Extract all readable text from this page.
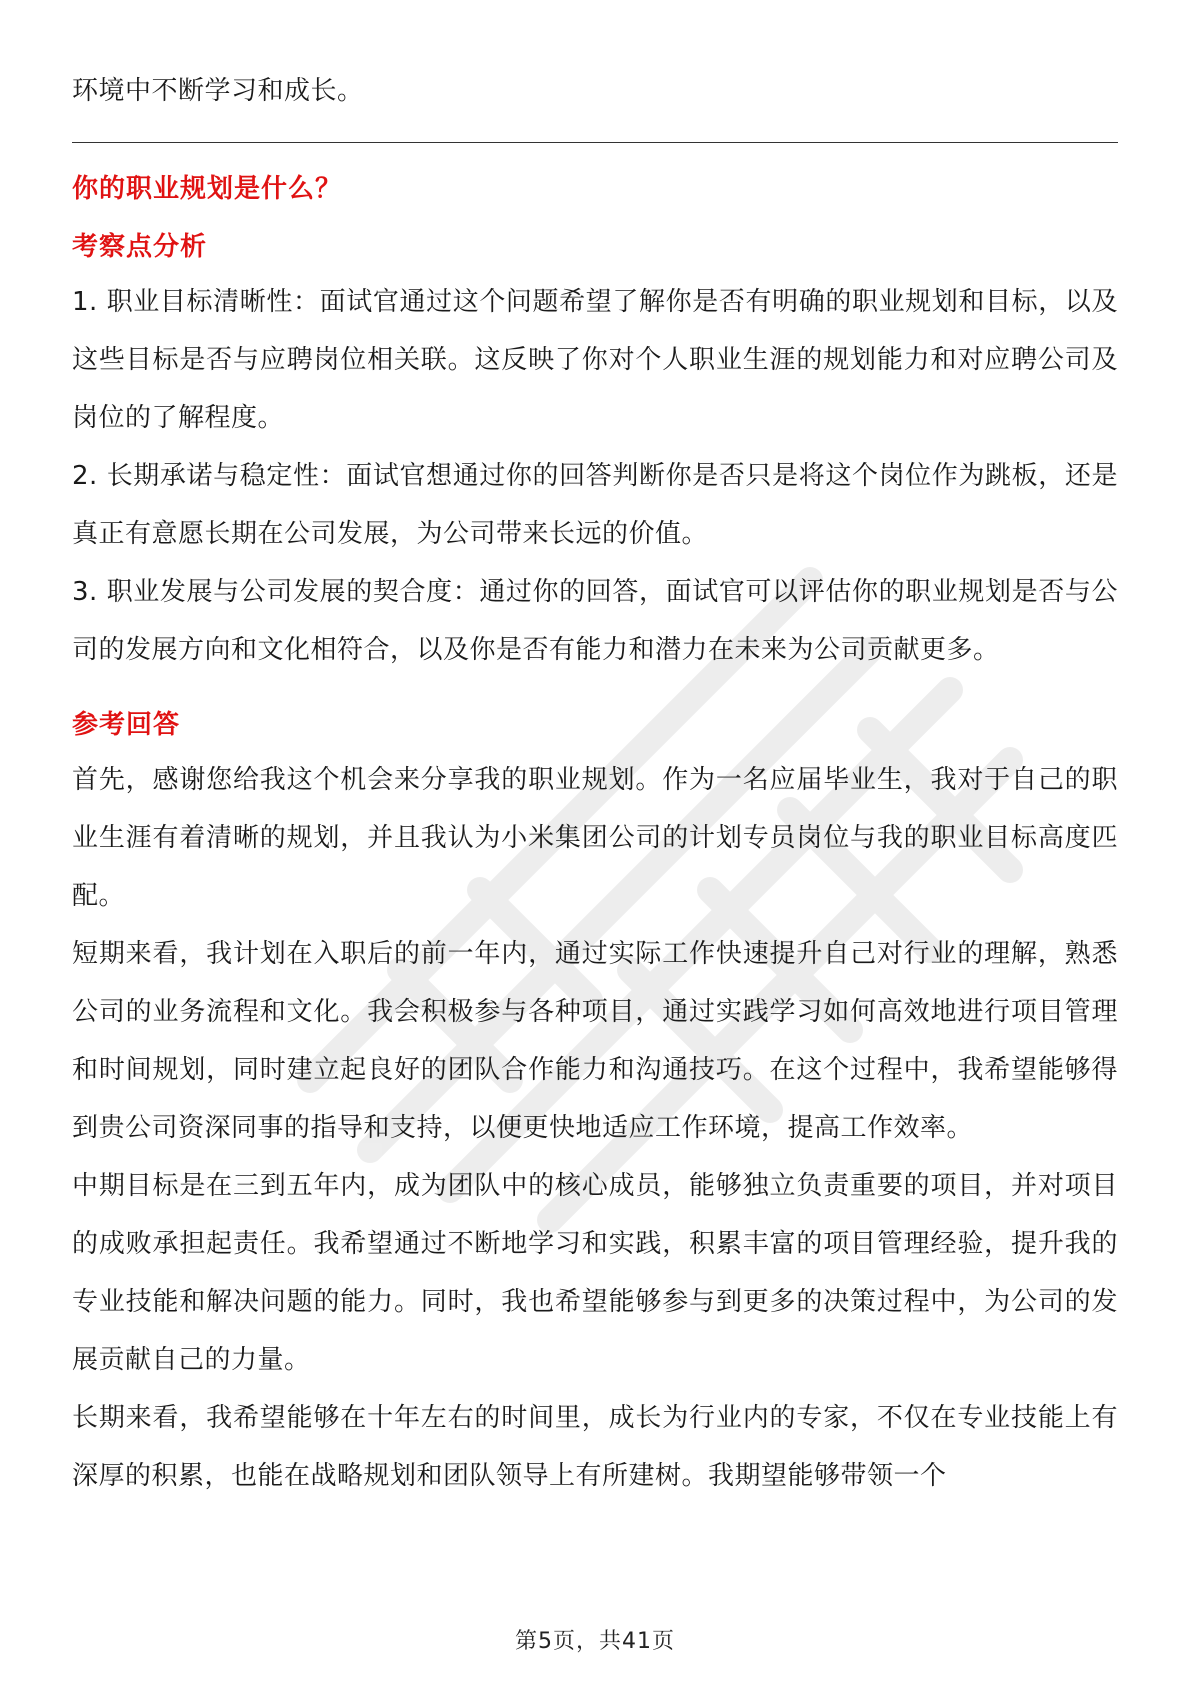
环境中不断学习和成长。

你的职业规划是什么？
考察点分析

1. 职业目标清晰性：面试官通过这个问题希望了解你是否有明确的职业规划和目标，以及这些目标是否与应聘岗位相关联。这反映了你对个人职业生涯的规划能力和对应聘公司及岗位的了解程度。

2. 长期承诺与稳定性：面试官想通过你的回答判断你是否只是将这个岗位作为跳板，还是真正有意愿长期在公司发展，为公司带来长远的价值。

3. 职业发展与公司发展的契合度：通过你的回答，面试官可以评估你的职业规划是否与公司的发展方向和文化相符合，以及你是否有能力和潜力在未来为公司贡献更多。

参考回答

首先，感谢您给我这个机会来分享我的职业规划。作为一名应届毕业生，我对于自己的职业生涯有着清晰的规划，并且我认为小米集团公司的计划专员岗位与我的职业目标高度匹配。

短期来看，我计划在入职后的前一年内，通过实际工作快速提升自己对行业的理解，熟悉公司的业务流程和文化。我会积极参与各种项目，通过实践学习如何高效地进行项目管理和时间规划，同时建立起良好的团队合作能力和沟通技巧。在这个过程中，我希望能够得到贵公司资深同事的指导和支持，以便更快地适应工作环境，提高工作效率。

中期目标是在三到五年内，成为团队中的核心成员，能够独立负责重要的项目，并对项目的成败承担起责任。我希望通过不断地学习和实践，积累丰富的项目管理经验，提升我的专业技能和解决问题的能力。同时，我也希望能够参与到更多的决策过程中，为公司的发展贡献自己的力量。

长期来看，我希望能够在十年左右的时间里，成长为行业内的专家，不仅在专业技能上有深厚的积累，也能在战略规划和团队领导上有所建树。我期望能够带领一个

第5页，共41页
